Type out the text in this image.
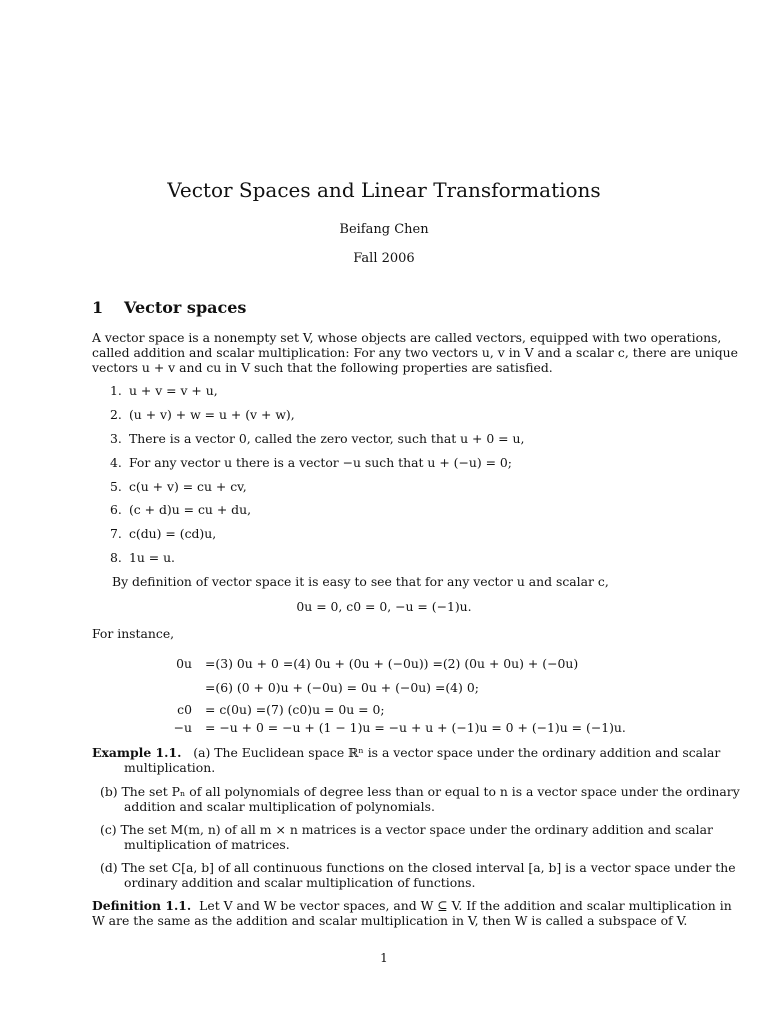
Vector Spaces and Linear Transformations
Beifang Chen
Fall 2006
1 Vector spaces
A vector space is a nonempty set V, whose objects are called vectors, equipped with two operations,
called addition and scalar multiplication: For any two vectors u, v in V and a scalar c, there are unique
vectors u + v and cu in V such that the following properties are satisfied.
1. u + v = v + u,
2. (u + v) + w = u + (v + w),
3. There is a vector 0, called the zero vector, such that u + 0 = u,
4. For any vector u there is a vector −u such that u + (−u) = 0;
5. c(u + v) = cu + cv,
6. (c + d)u = cu + du,
7. c(du) = (cd)u,
8. 1u = u.
By definition of vector space it is easy to see that for any vector u and scalar c,
0u = 0, c0 = 0, −u = (−1)u.
For instance,
0u =(3) 0u + 0 =(4) 0u + (0u + (−0u)) =(2) (0u + 0u) + (−0u)
=(6) (0 + 0)u + (−0u) = 0u + (−0u) =(4) 0;
c0 = c(0u) =(7) (c0)u = 0u = 0;
−u = −u + 0 = −u + (1 − 1)u = −u + u + (−1)u = 0 + (−1)u = (−1)u.
Example 1.1. (a) The Euclidean space ℝⁿ is a vector space under the ordinary addition and scalar
multiplication.
(b) The set Pₙ of all polynomials of degree less than or equal to n is a vector space under the ordinary
addition and scalar multiplication of polynomials.
(c) The set M(m, n) of all m × n matrices is a vector space under the ordinary addition and scalar
multiplication of matrices.
(d) The set C[a, b] of all continuous functions on the closed interval [a, b] is a vector space under the
ordinary addition and scalar multiplication of functions.
Definition 1.1. Let V and W be vector spaces, and W ⊆ V. If the addition and scalar multiplication in
W are the same as the addition and scalar multiplication in V, then W is called a subspace of V.
1
